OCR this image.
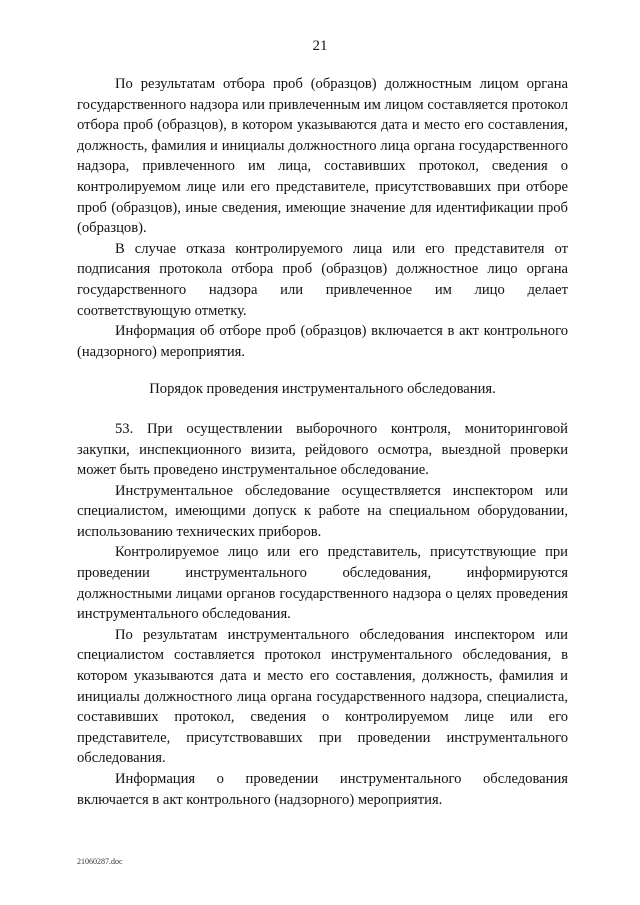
21

По результатам отбора проб (образцов) должностным лицом органа государственного надзора или привлеченным им лицом составляется протокол отбора проб (образцов), в котором указываются дата и место его составления, должность, фамилия и инициалы должностного лица органа государственного надзора, привлеченного им лица, составивших протокол, сведения о контролируемом лице или его представителе, присутствовавших при отборе проб (образцов), иные сведения, имеющие значение для идентификации проб (образцов).

В случае отказа контролируемого лица или его представителя от подписания протокола отбора проб (образцов) должностное лицо органа государственного надзора или привлеченное им лицо делает соответствующую отметку.

Информация об отборе проб (образцов) включается в акт контрольного (надзорного) мероприятия.

Порядок проведения инструментального обследования.

53. При осуществлении выборочного контроля, мониторинговой закупки, инспекционного визита, рейдового осмотра, выездной проверки может быть проведено инструментальное обследование.

Инструментальное обследование осуществляется инспектором или специалистом, имеющими допуск к работе на специальном оборудовании, использованию технических приборов.

Контролируемое лицо или его представитель, присутствующие при проведении инструментального обследования, информируются должностными лицами органов государственного надзора о целях проведения инструментального обследования.

По результатам инструментального обследования инспектором или специалистом составляется протокол инструментального обследования, в котором указываются дата и место его составления, должность, фамилия и инициалы должностного лица органа государственного надзора, специалиста, составивших протокол, сведения о контролируемом лице или его представителе, присутствовавших при проведении инструментального обследования.

Информация о проведении инструментального обследования включается в акт контрольного (надзорного) мероприятия.

21060287.doc
